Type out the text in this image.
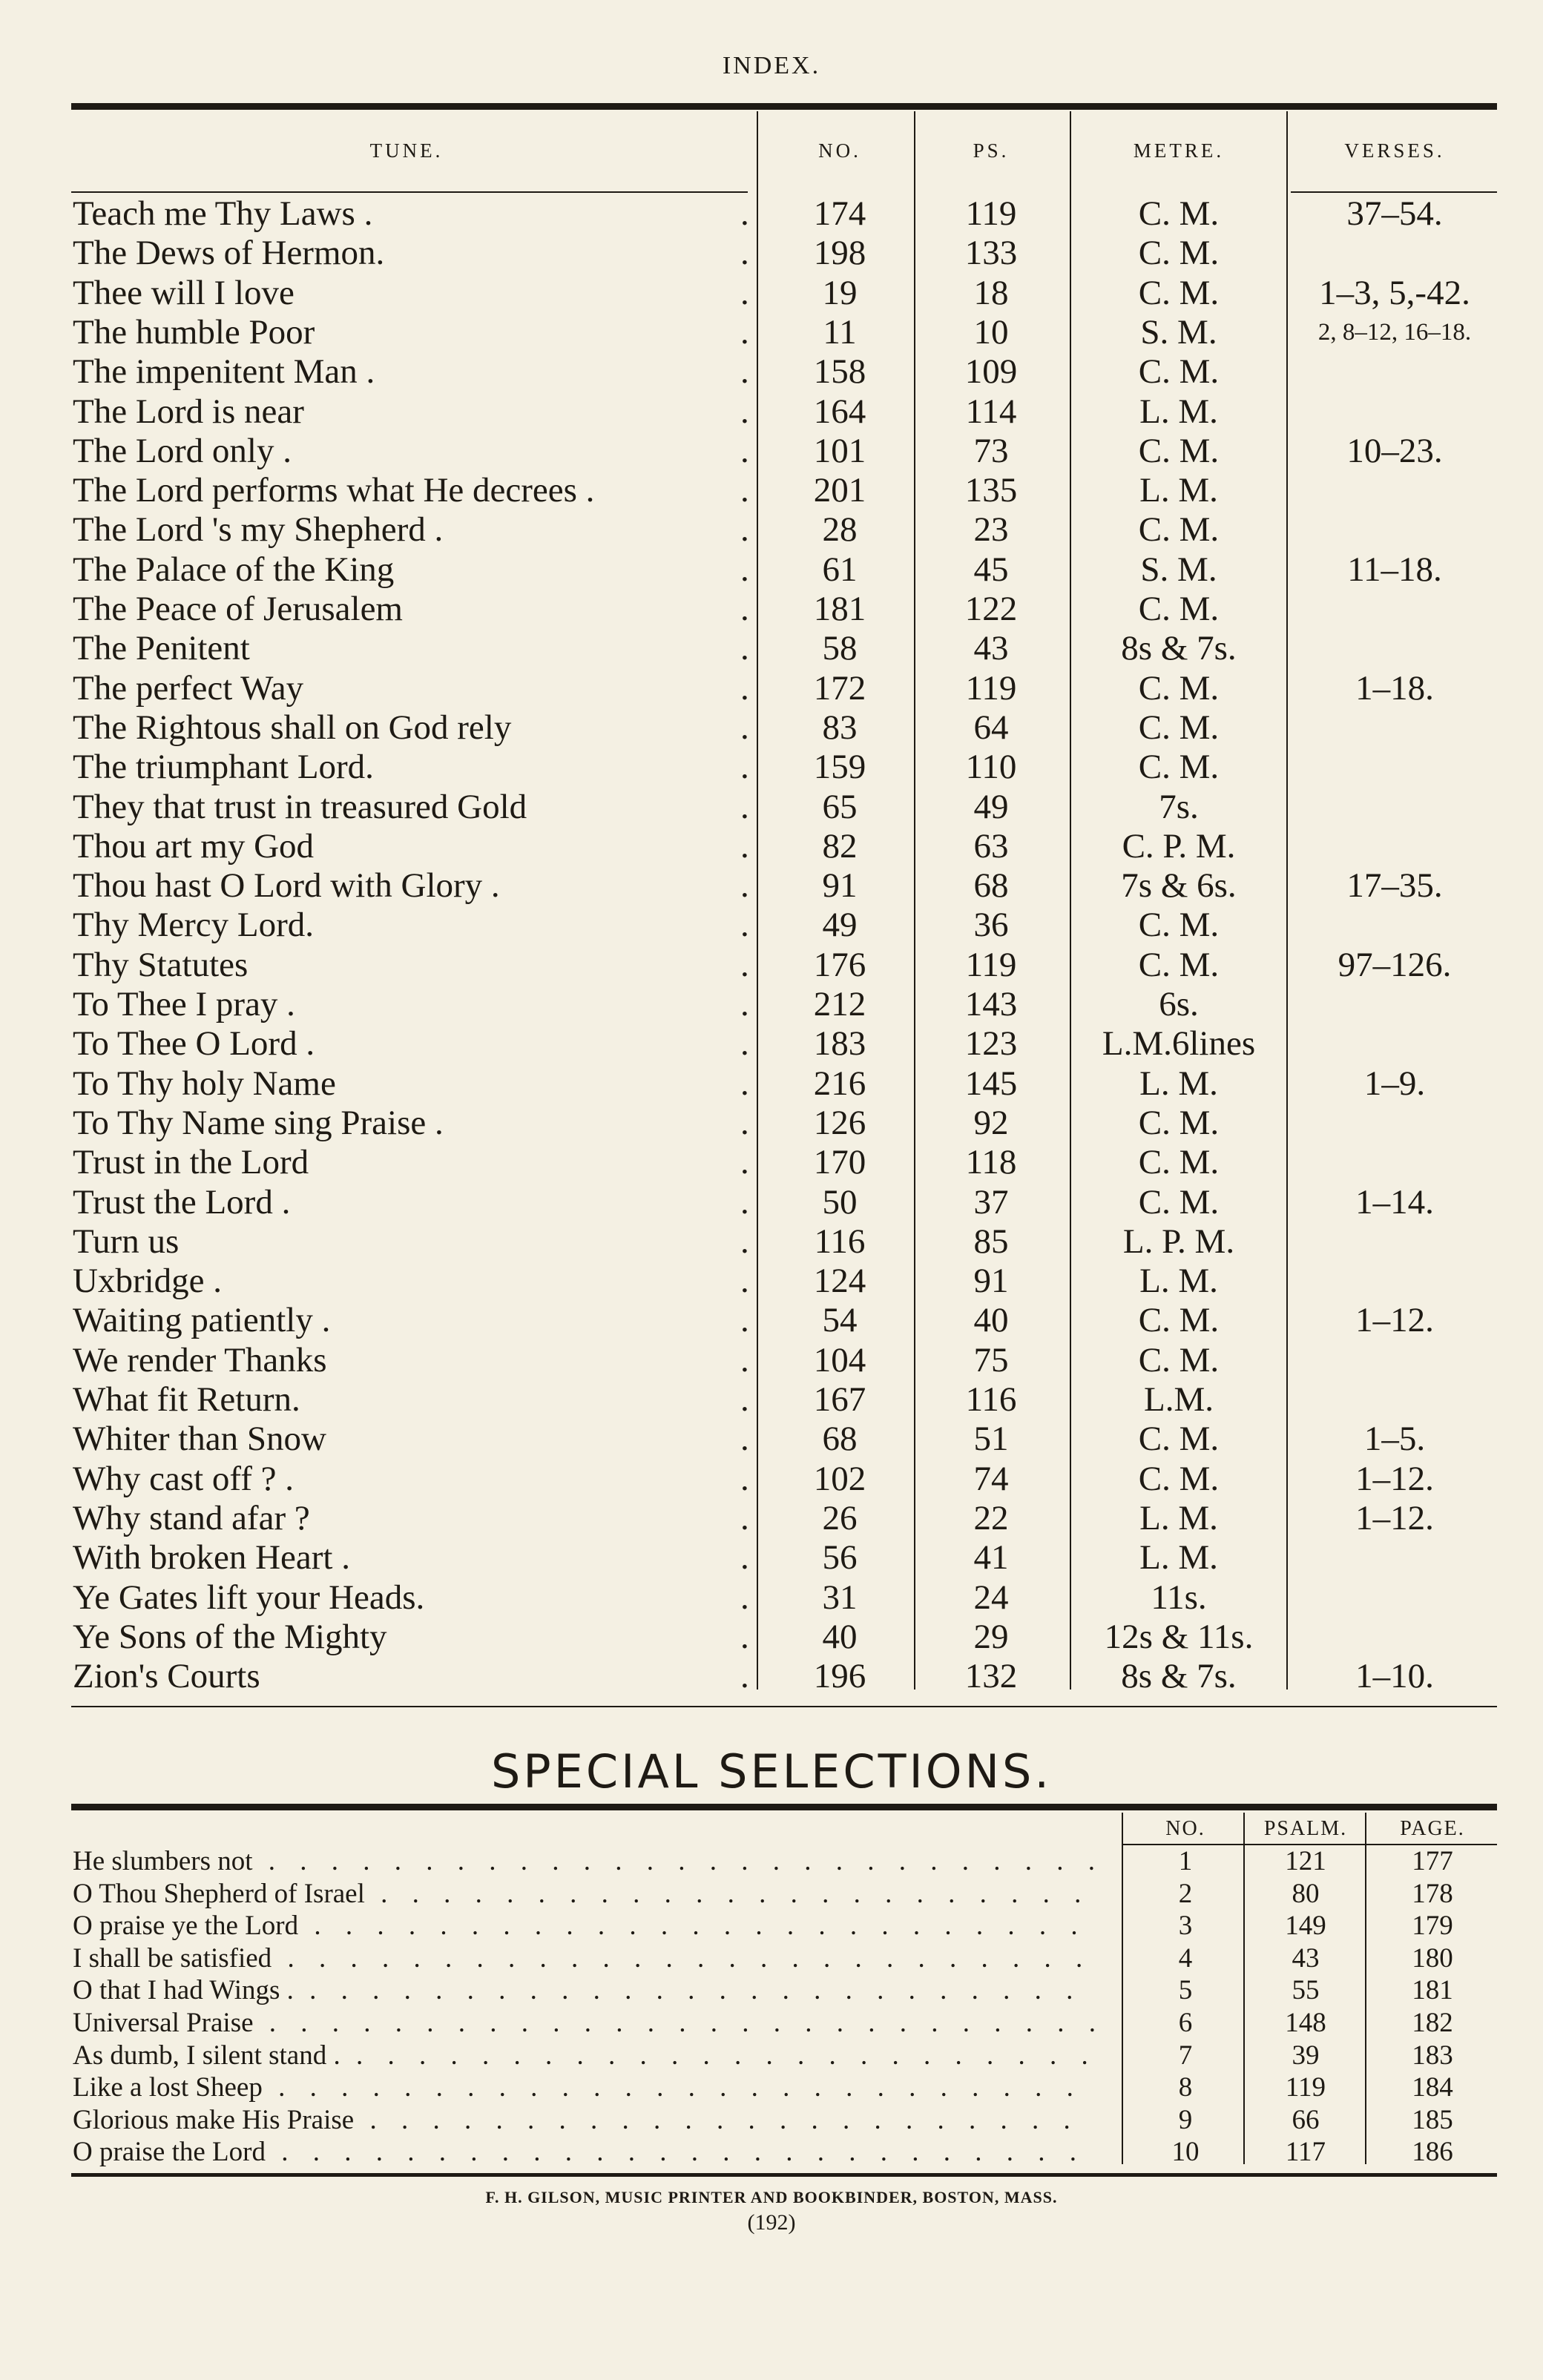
INDEX.
TUNE.	NO.	PS.	METRE.	VERSES.
Teach me Thy Laws .	174	119	C. M.	37–54.
.
The Dews of Hermon.	198	133	C. M.
.
Thee will I love	19	18	C. M.	1–3, 5,-42.
.
The humble Poor	11	10	S. M.	2, 8–12, 16–18.
.
The impenitent Man .	158	109	C. M.
.
The Lord is near	164	114	L. M.
.
The Lord only .	101	73	C. M.	10–23.
.
The Lord performs what He decrees .	201	135	L. M.
.
The Lord 's my Shepherd .	28	23	C. M.
.
The Palace of the King	61	45	S. M.	11–18.
.
The Peace of Jerusalem	181	122	C. M.
.
The Penitent	58	43	8s & 7s.
.
The perfect Way	172	119	C. M.	1–18.
.
The Rightous shall on God rely	83	64	C. M.
.
The triumphant Lord.	159	110	C. M.
.
They that trust in treasured Gold	65	49	7s.
.
Thou art my God	82	63	C. P. M.
.
Thou hast O Lord with Glory .	91	68	7s & 6s.	17–35.
.
Thy Mercy Lord.	49	36	C. M.
.
Thy Statutes	176	119	C. M.	97–126.
.
To Thee I pray .	212	143	6s.
.
To Thee O Lord .	183	123	L.M.6lines
.
To Thy holy Name	216	145	L. M.	1–9.
.
To Thy Name sing Praise .	126	92	C. M.
.
Trust in the Lord	170	118	C. M.
.
Trust the Lord .	50	37	C. M.	1–14.
.
Turn us	116	85	L. P. M.
.
Uxbridge .	124	91	L. M.
.
Waiting patiently .	54	40	C. M.	1–12.
.
We render Thanks	104	75	C. M.
.
What fit Return.	167	116	L.M.
.
Whiter than Snow	68	51	C. M.	1–5.
.
Why cast off ? .	102	74	C. M.	1–12.
.
Why stand afar ?	26	22	L. M.	1–12.
.
With broken Heart .	56	41	L. M.
.
Ye Gates lift your Heads.	31	24	11s.
.
Ye Sons of the Mighty	40	29	12s & 11s.
.
Zion's Courts	196	132	8s & 7s.	1–10.
.
SPECIAL SELECTIONS.
NO.	PSALM.	PAGE.
He slumbers not . . .	1	121	177
O Thou Shepherd of Israel . . .	2	80	178
O praise ye the Lord . . .	3	149	179
I shall be satisfied . . .	4	43	180
O that I had Wings . . . .	5	55	181
Universal Praise . . .	6	148	182
As dumb, I silent stand . . . .	7	39	183
Like a lost Sheep . . .	8	119	184
Glorious make His Praise . . .	9	66	185
O praise the Lord . . .	10	117	186
F. H. GILSON, MUSIC PRINTER AND BOOKBINDER, BOSTON, MASS.
(192)
